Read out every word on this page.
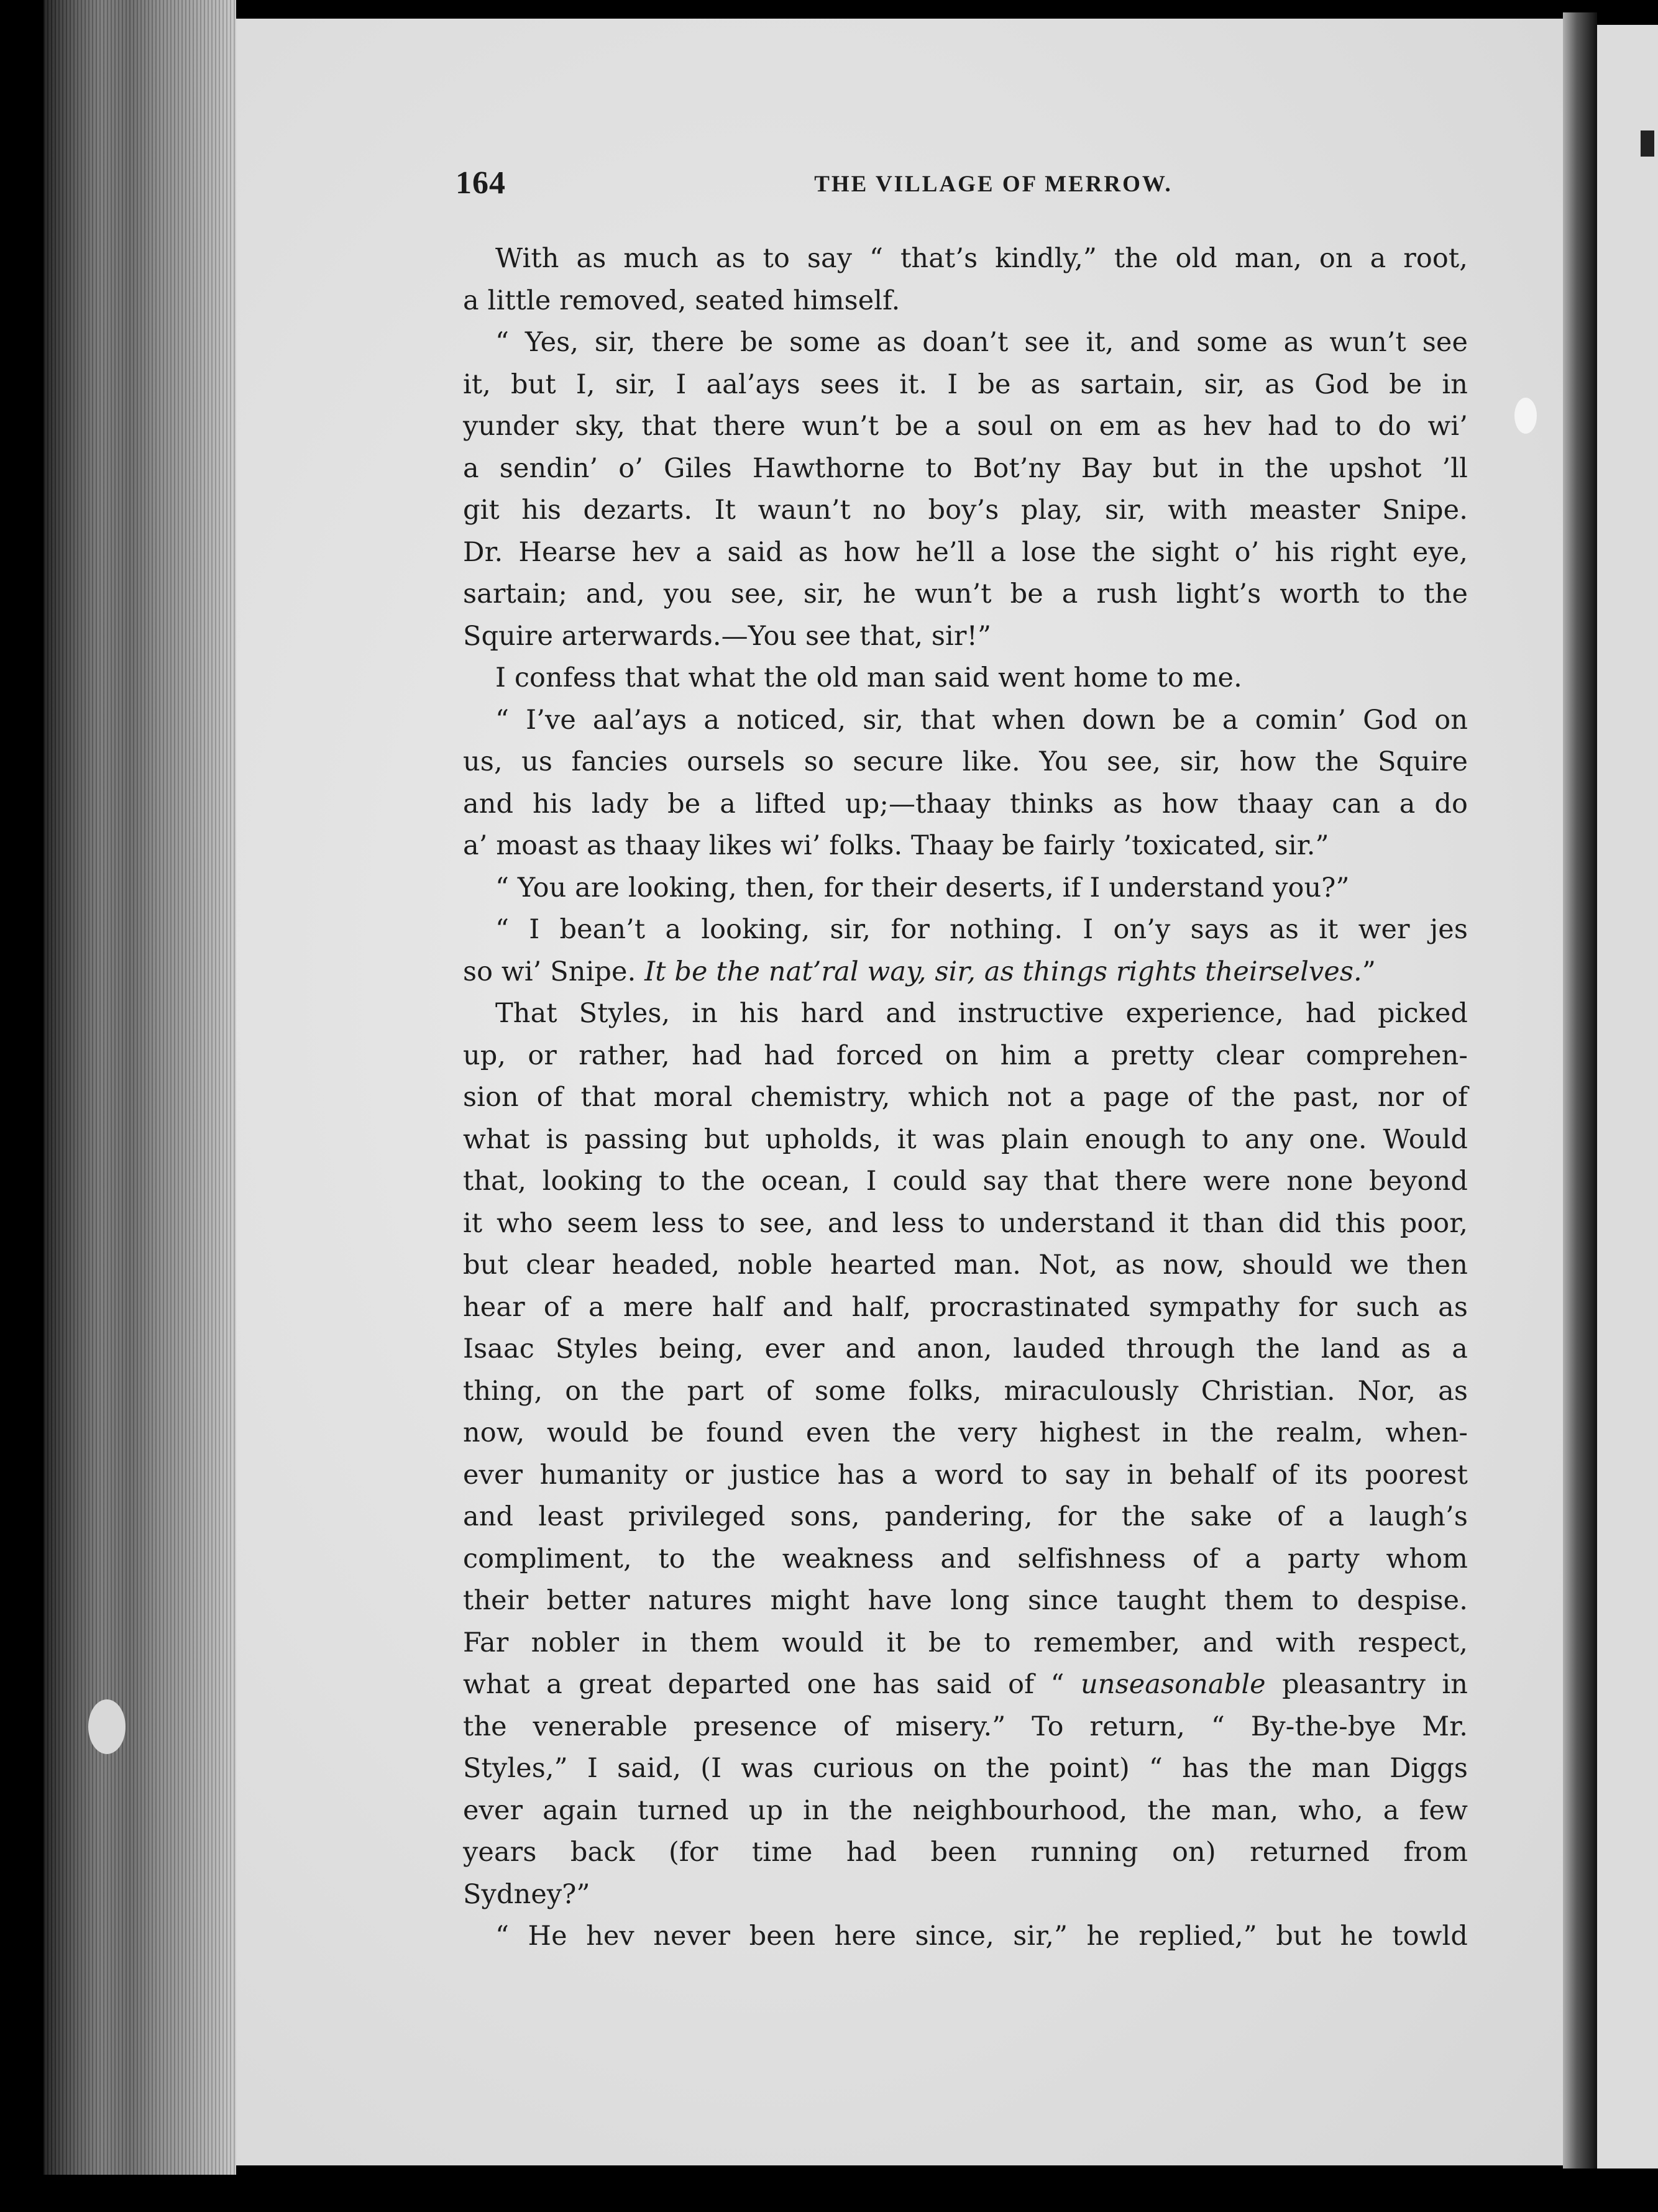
164	THE VILLAGE OF MERROW.
With as much as to say “ that’s kindly,” the old man, on a root,
a little removed, seated himself.
“ Yes, sir, there be some as doan’t see it, and some as wun’t see
it, but I, sir, I aal’ays sees it. I be as sartain, sir, as God be in
yunder sky, that there wun’t be a soul on em as hev had to do wi’
a sendin’ o’ Giles Hawthorne to Bot’ny Bay but in the upshot ’ll
git his dezarts. It waun’t no boy’s play, sir, with measter Snipe.
Dr. Hearse hev a said as how he’ll a lose the sight o’ his right eye,
sartain; and, you see, sir, he wun’t be a rush light’s worth to the
Squire arterwards.—You see that, sir!”
I confess that what the old man said went home to me.
“ I’ve aal’ays a noticed, sir, that when down be a comin’ God on
us, us fancies oursels so secure like. You see, sir, how the Squire
and his lady be a lifted up;—thaay thinks as how thaay can a do
a’ moast as thaay likes wi’ folks. Thaay be fairly ’toxicated, sir.”
“ You are looking, then, for their deserts, if I understand you?”
“ I bean’t a looking, sir, for nothing. I on’y says as it wer jes
so wi’ Snipe. It be the nat’ral way, sir, as things rights theirselves.”
That Styles, in his hard and instructive experience, had picked
up, or rather, had had forced on him a pretty clear comprehen-
sion of that moral chemistry, which not a page of the past, nor of
what is passing but upholds, it was plain enough to any one. Would
that, looking to the ocean, I could say that there were none beyond
it who seem less to see, and less to understand it than did this poor,
but clear headed, noble hearted man. Not, as now, should we then
hear of a mere half and half, procrastinated sympathy for such as
Isaac Styles being, ever and anon, lauded through the land as a
thing, on the part of some folks, miraculously Christian. Nor, as
now, would be found even the very highest in the realm, when-
ever humanity or justice has a word to say in behalf of its poorest
and least privileged sons, pandering, for the sake of a laugh’s
compliment, to the weakness and selfishness of a party whom
their better natures might have long since taught them to despise.
Far nobler in them would it be to remember, and with respect,
what a great departed one has said of “ unseasonable pleasantry in
the venerable presence of misery.” To return, “ By-the-bye Mr.
Styles,” I said, (I was curious on the point) “ has the man Diggs
ever again turned up in the neighbourhood, the man, who, a few
years back (for time had been running on) returned from
Sydney?”
“ He hev never been here since, sir,” he replied,” but he towld
